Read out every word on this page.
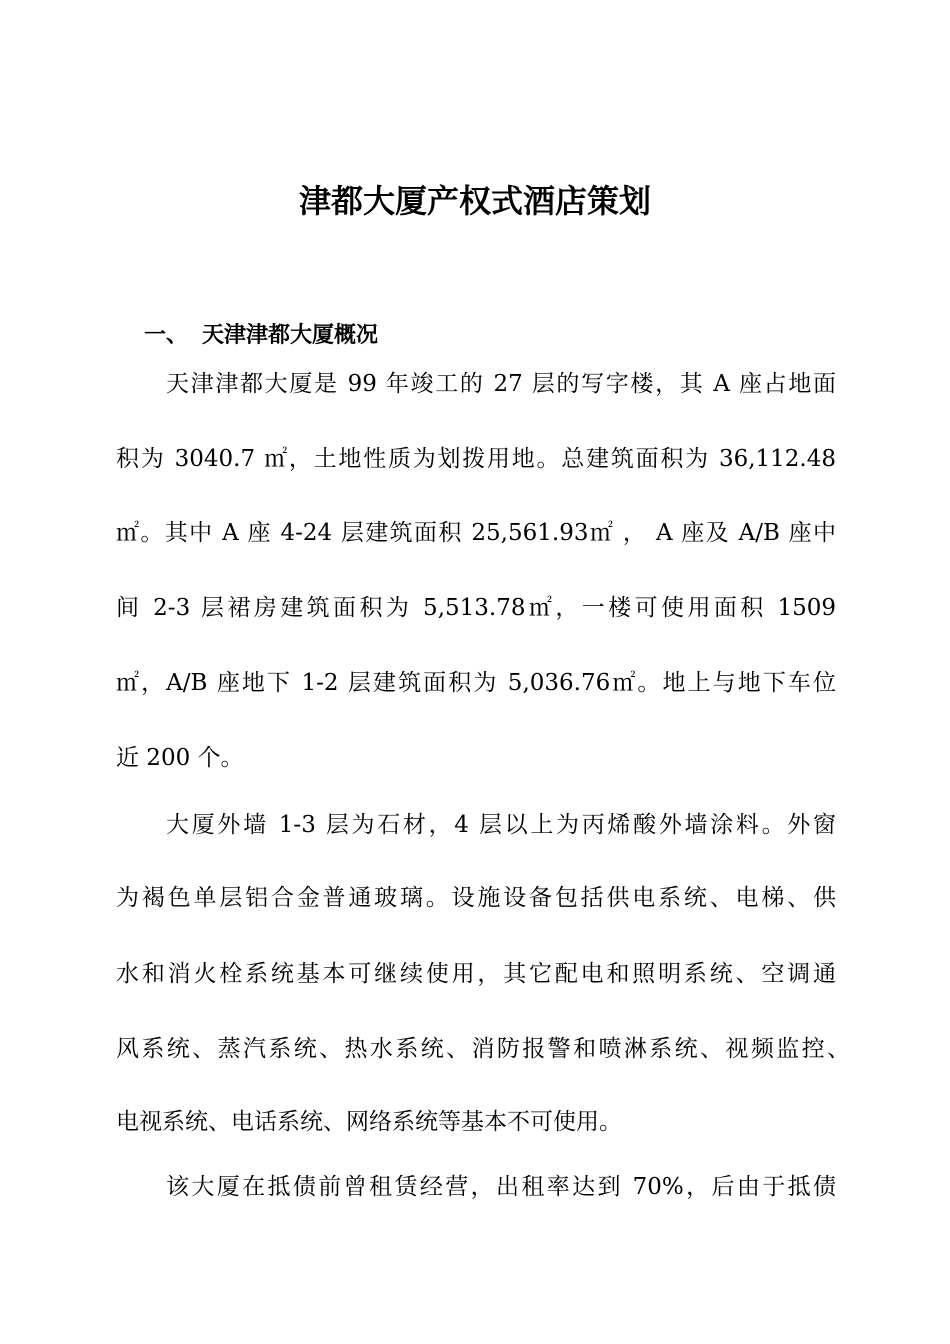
津都大厦产权式酒店策划
一、 天津津都大厦概况

天津津都大厦是 99 年竣工的 27 层的写字楼，其 A 座占地面

积为 3040.7 ㎡，土地性质为划拨用地。总建筑面积为 36,112.48

㎡。其中 A 座 4-24 层建筑面积 25,561.93㎡ ， A 座及 A/B 座中

间 2-3 层裙房建筑面积为 5,513.78㎡，一楼可使用面积 1509

㎡，A/B 座地下 1-2 层建筑面积为 5,036.76㎡。地上与地下车位

近 200 个。

大厦外墙 1-3 层为石材，4 层以上为丙烯酸外墙涂料。外窗

为褐色单层铝合金普通玻璃。设施设备包括供电系统、电梯、供

水和消火栓系统基本可继续使用，其它配电和照明系统、空调通

风系统、蒸汽系统、热水系统、消防报警和喷淋系统、视频监控、

电视系统、电话系统、网络系统等基本不可使用。

该大厦在抵债前曾租赁经营，出租率达到 70%，后由于抵债
